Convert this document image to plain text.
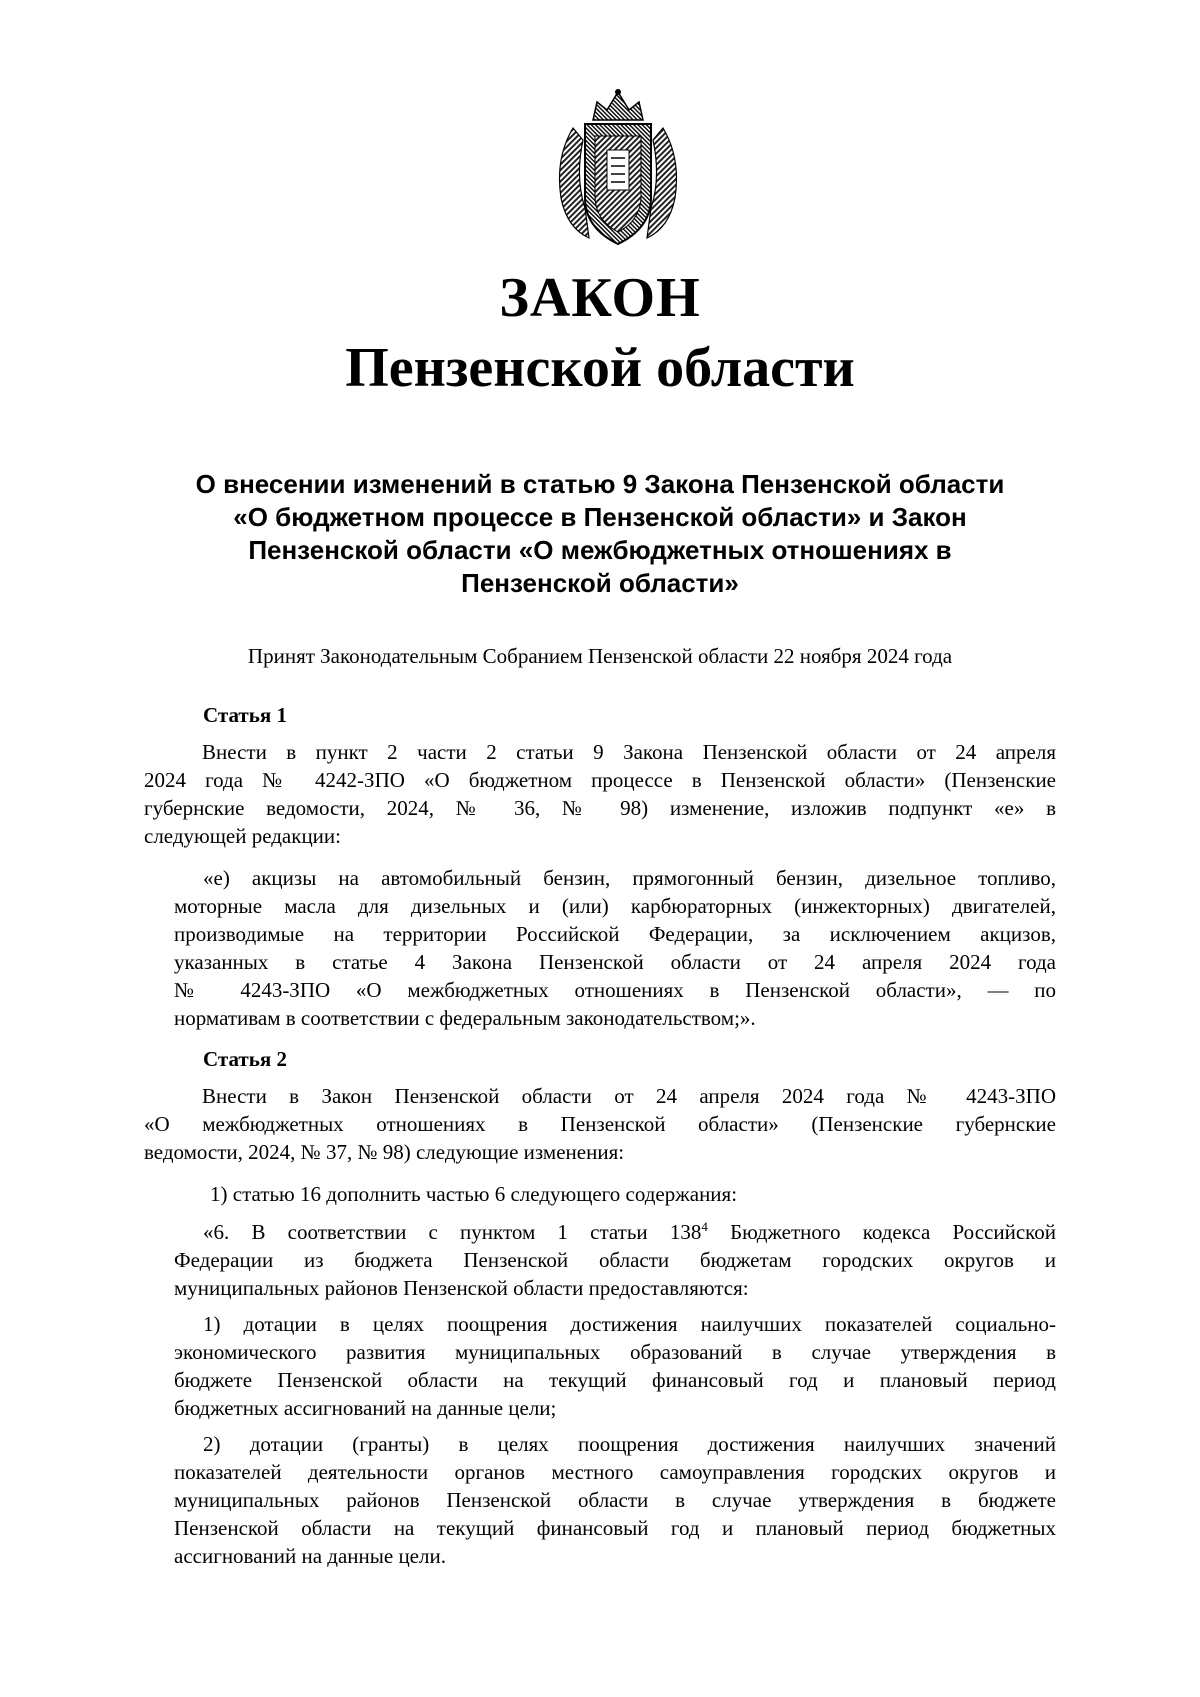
ЗАКОН
Пензенской области
О внесении изменений в статью 9 Закона Пензенской области
«О бюджетном процессе в Пензенской области» и Закон
Пензенской области «О межбюджетных отношениях в
Пензенской области»
Принят Законодательным Собранием Пензенской области 22 ноября 2024 года
Статья 1
Внести в пункт 2 части 2 статьи 9 Закона Пензенской области от 24 апреля
2024 года № 4242-ЗПО «О бюджетном процессе в Пензенской области» (Пензенские
губернские ведомости, 2024, № 36, № 98) изменение, изложив подпункт «е» в
следующей редакции:
«е) акцизы на автомобильный бензин, прямогонный бензин, дизельное топливо,
моторные масла для дизельных и (или) карбюраторных (инжекторных) двигателей,
производимые на территории Российской Федерации, за исключением акцизов,
указанных в статье 4 Закона Пензенской области от 24 апреля 2024 года
№ 4243-ЗПО «О межбюджетных отношениях в Пензенской области», — по
нормативам в соответствии с федеральным законодательством;».
Статья 2
Внести в Закон Пензенской области от 24 апреля 2024 года № 4243-ЗПО
«О межбюджетных отношениях в Пензенской области» (Пензенские губернские
ведомости, 2024, № 37, № 98) следующие изменения:
1) статью 16 дополнить частью 6 следующего содержания:
«6. В соответствии с пунктом 1 статьи $138^4$ Бюджетного кодекса Российской
Федерации из бюджета Пензенской области бюджетам городских округов и
муниципальных районов Пензенской области предоставляются:
1) дотации в целях поощрения достижения наилучших показателей социально-
экономического развития муниципальных образований в случае утверждения в
бюджете Пензенской области на текущий финансовый год и плановый период
бюджетных ассигнований на данные цели;
2) дотации (гранты) в целях поощрения достижения наилучших значений
показателей деятельности органов местного самоуправления городских округов и
муниципальных районов Пензенской области в случае утверждения в бюджете
Пензенской области на текущий финансовый год и плановый период бюджетных
ассигнований на данные цели.
